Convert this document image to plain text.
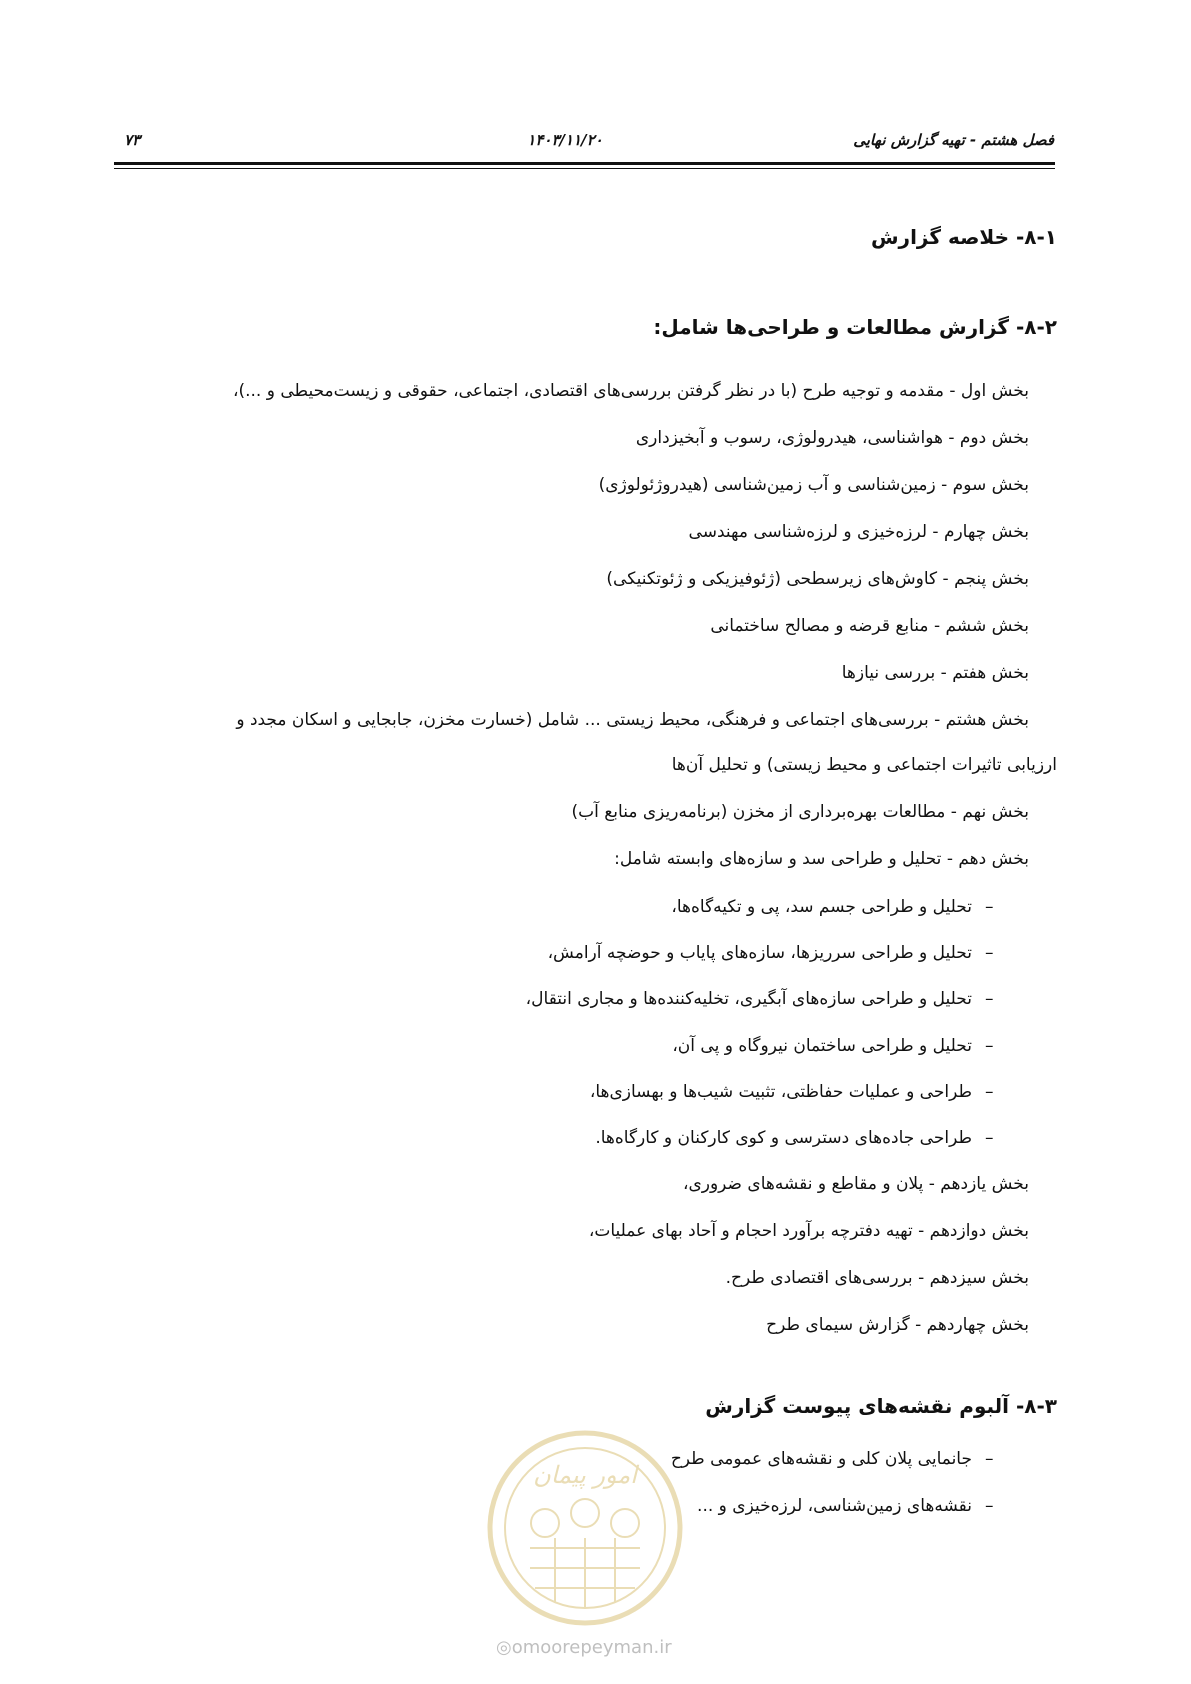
فصل هشتم - تهیه گزارش نهایی
۱۴۰۳/۱۱/۲۰
۷۳
۸-۱- خلاصه گزارش
۸-۲- گزارش مطالعات و طراحی‌ها شامل:
بخش اول - مقدمه و توجیه طرح (با در نظر گرفتن بررسی‌های اقتصادی، اجتماعی، حقوقی و زیست‌محیطی و ...)،
بخش دوم - هواشناسی، هیدرولوژی، رسوب و آبخیزداری
بخش سوم - زمین‌شناسی و آب زمین‌شناسی (هیدروژئولوژی)
بخش چهارم - لرزه‌خیزی و لرزه‌شناسی مهندسی
بخش پنجم - کاوش‌های زیرسطحی (ژئوفیزیکی و ژئوتکنیکی)
بخش ششم - منابع قرضه و مصالح ساختمانی
بخش هفتم - بررسی نیازها
بخش هشتم - بررسی‌های اجتماعی و فرهنگی، محیط زیستی ... شامل (خسارت مخزن، جابجایی و اسکان مجدد و
ارزیابی تاثیرات اجتماعی و محیط زیستی) و تحلیل آن‌ها
بخش نهم - مطالعات بهره‌برداری از مخزن (برنامه‌ریزی منابع آب)
بخش دهم - تحلیل و طراحی سد و سازه‌های وابسته شامل:
–
تحلیل و طراحی جسم سد، پی و تکیه‌گاه‌ها،
–
تحلیل و طراحی سرریزها، سازه‌های پایاب و حوضچه آرامش،
–
تحلیل و طراحی سازه‌های آبگیری، تخلیه‌کننده‌ها و مجاری انتقال،
–
تحلیل و طراحی ساختمان نیروگاه و پی آن،
–
طراحی و عملیات حفاظتی، تثبیت شیب‌ها و بهسازی‌ها،
–
طراحی جاده‌های دسترسی و کوی کارکنان و کارگاه‌ها.
بخش یازدهم - پلان و مقاطع و نقشه‌های ضروری،
بخش دوازدهم - تهیه دفترچه برآورد احجام و آحاد بهای عملیات،
بخش سیزدهم - بررسی‌های اقتصادی طرح.
بخش چهاردهم - گزارش سیمای طرح
۸-۳- آلبوم نقشه‌های پیوست گزارش
امور پیمان
–
جانمایی پلان کلی و نقشه‌های عمومی طرح
–
نقشه‌های زمین‌شناسی، لرزه‌خیزی و ...
◎omoorepeyman.ir
